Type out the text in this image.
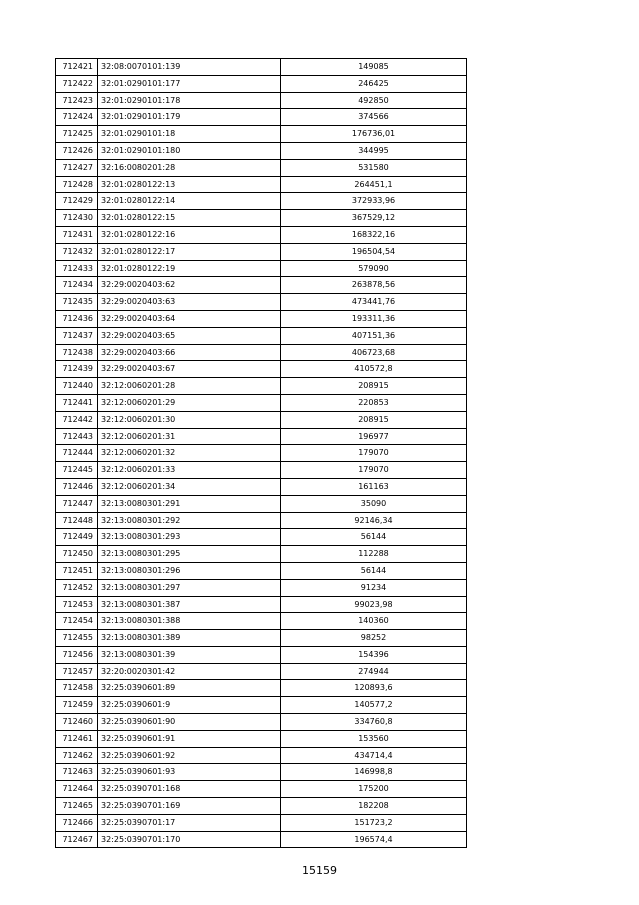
712421	32:08:0070101:139	149085
712422	32:01:0290101:177	246425
712423	32:01:0290101:178	492850
712424	32:01:0290101:179	374566
712425	32:01:0290101:18	176736,01
712426	32:01:0290101:180	344995
712427	32:16:0080201:28	531580
712428	32:01:0280122:13	264451,1
712429	32:01:0280122:14	372933,96
712430	32:01:0280122:15	367529,12
712431	32:01:0280122:16	168322,16
712432	32:01:0280122:17	196504,54
712433	32:01:0280122:19	579090
712434	32:29:0020403:62	263878,56
712435	32:29:0020403:63	473441,76
712436	32:29:0020403:64	193311,36
712437	32:29:0020403:65	407151,36
712438	32:29:0020403:66	406723,68
712439	32:29:0020403:67	410572,8
712440	32:12:0060201:28	208915
712441	32:12:0060201:29	220853
712442	32:12:0060201:30	208915
712443	32:12:0060201:31	196977
712444	32:12:0060201:32	179070
712445	32:12:0060201:33	179070
712446	32:12:0060201:34	161163
712447	32:13:0080301:291	35090
712448	32:13:0080301:292	92146,34
712449	32:13:0080301:293	56144
712450	32:13:0080301:295	112288
712451	32:13:0080301:296	56144
712452	32:13:0080301:297	91234
712453	32:13:0080301:387	99023,98
712454	32:13:0080301:388	140360
712455	32:13:0080301:389	98252
712456	32:13:0080301:39	154396
712457	32:20:0020301:42	274944
712458	32:25:0390601:89	120893,6
712459	32:25:0390601:9	140577,2
712460	32:25:0390601:90	334760,8
712461	32:25:0390601:91	153560
712462	32:25:0390601:92	434714,4
712463	32:25:0390601:93	146998,8
712464	32:25:0390701:168	175200
712465	32:25:0390701:169	182208
712466	32:25:0390701:17	151723,2
712467	32:25:0390701:170	196574,4
15159
